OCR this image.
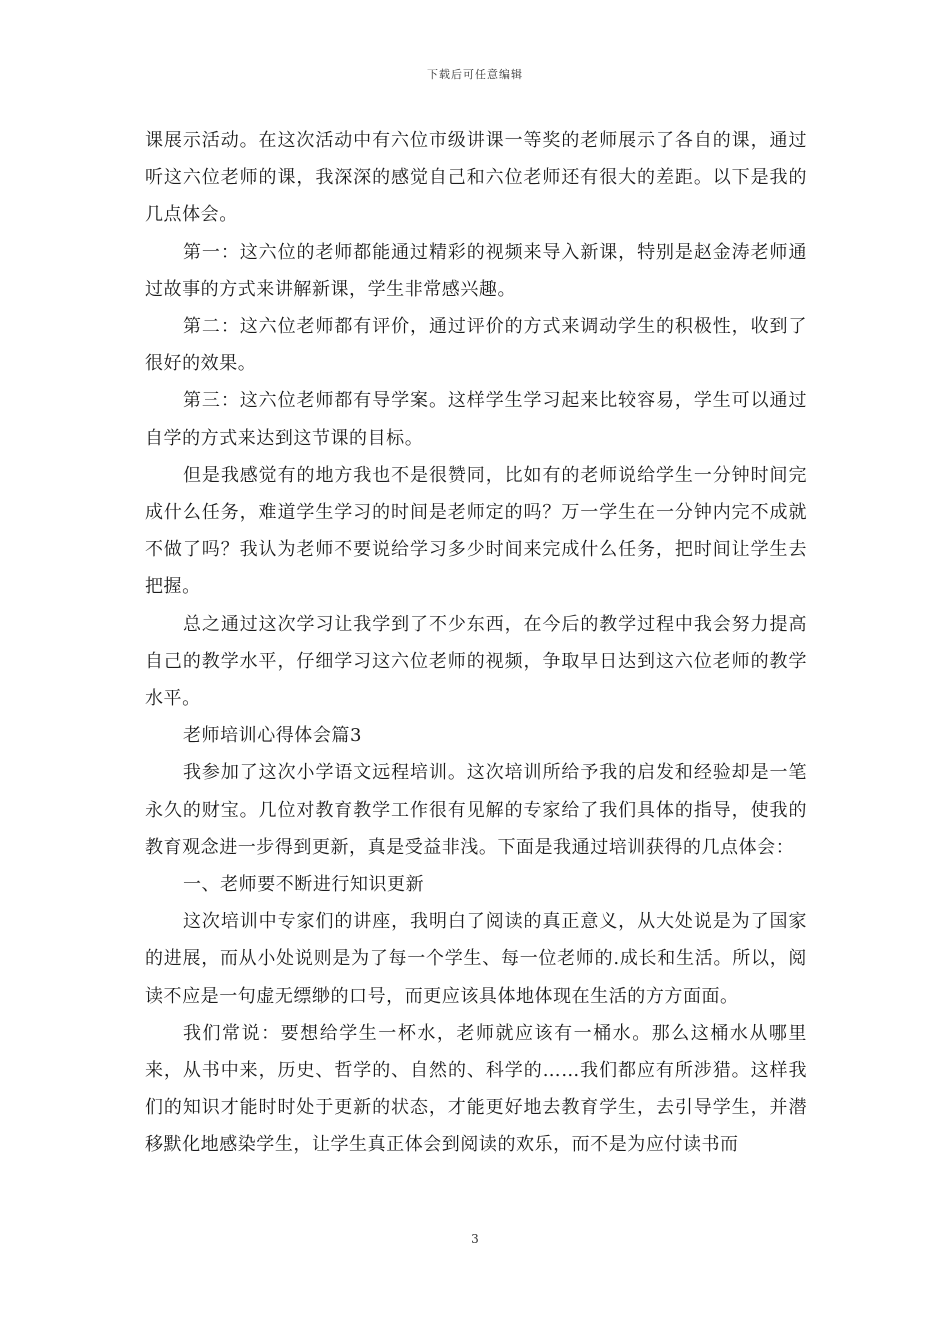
下载后可任意编辑

课展示活动。在这次活动中有六位市级讲课一等奖的老师展示了各自的课，通过听这六位老师的课，我深深的感觉自己和六位老师还有很大的差距。以下是我的几点体会。

第一：这六位的老师都能通过精彩的视频来导入新课，特别是赵金涛老师通过故事的方式来讲解新课，学生非常感兴趣。

第二：这六位老师都有评价，通过评价的方式来调动学生的积极性，收到了很好的效果。

第三：这六位老师都有导学案。这样学生学习起来比较容易，学生可以通过自学的方式来达到这节课的目标。

但是我感觉有的地方我也不是很赞同，比如有的老师说给学生一分钟时间完成什么任务，难道学生学习的时间是老师定的吗？万一学生在一分钟内完不成就不做了吗？我认为老师不要说给学习多少时间来完成什么任务，把时间让学生去把握。

总之通过这次学习让我学到了不少东西，在今后的教学过程中我会努力提高自己的教学水平，仔细学习这六位老师的视频，争取早日达到这六位老师的教学水平。

老师培训心得体会篇3

我参加了这次小学语文远程培训。这次培训所给予我的启发和经验却是一笔永久的财宝。几位对教育教学工作很有见解的专家给了我们具体的指导，使我的教育观念进一步得到更新，真是受益非浅。下面是我通过培训获得的几点体会：

一、老师要不断进行知识更新

这次培训中专家们的讲座，我明白了阅读的真正意义，从大处说是为了国家的进展，而从小处说则是为了每一个学生、每一位老师的.成长和生活。所以，阅读不应是一句虚无缥缈的口号，而更应该具体地体现在生活的方方面面。

我们常说：要想给学生一杯水，老师就应该有一桶水。那么这桶水从哪里来，从书中来，历史、哲学的、自然的、科学的……我们都应有所涉猎。这样我们的知识才能时时处于更新的状态，才能更好地去教育学生，去引导学生，并潜移默化地感染学生，让学生真正体会到阅读的欢乐，而不是为应付读书而

3
